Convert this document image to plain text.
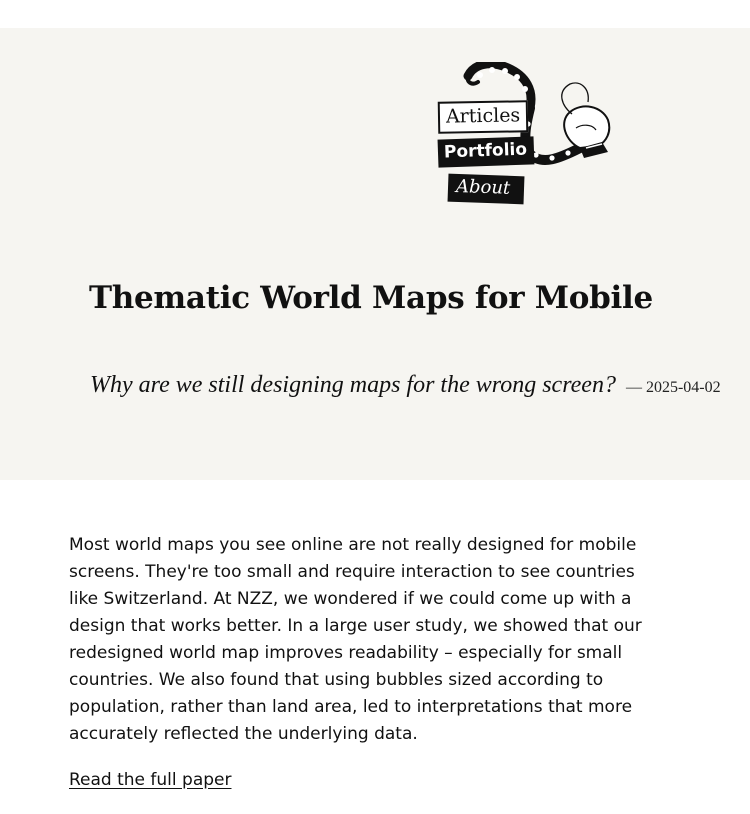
Articles
Portfolio
About
Thematic World Maps for Mobile
Why are we still designing maps for the wrong screen? — 2025-04-02

Most world maps you see online are not really designed for mobile screens. They're too small and require interaction to see countries like Switzerland. At NZZ, we wondered if we could come up with a design that works better. In a large user study, we showed that our redesigned world map improves readability – especially for small countries. We also found that using bubbles sized according to population, rather than land area, led to interpretations that more accurately reflected the underlying data.

Read the full paper
